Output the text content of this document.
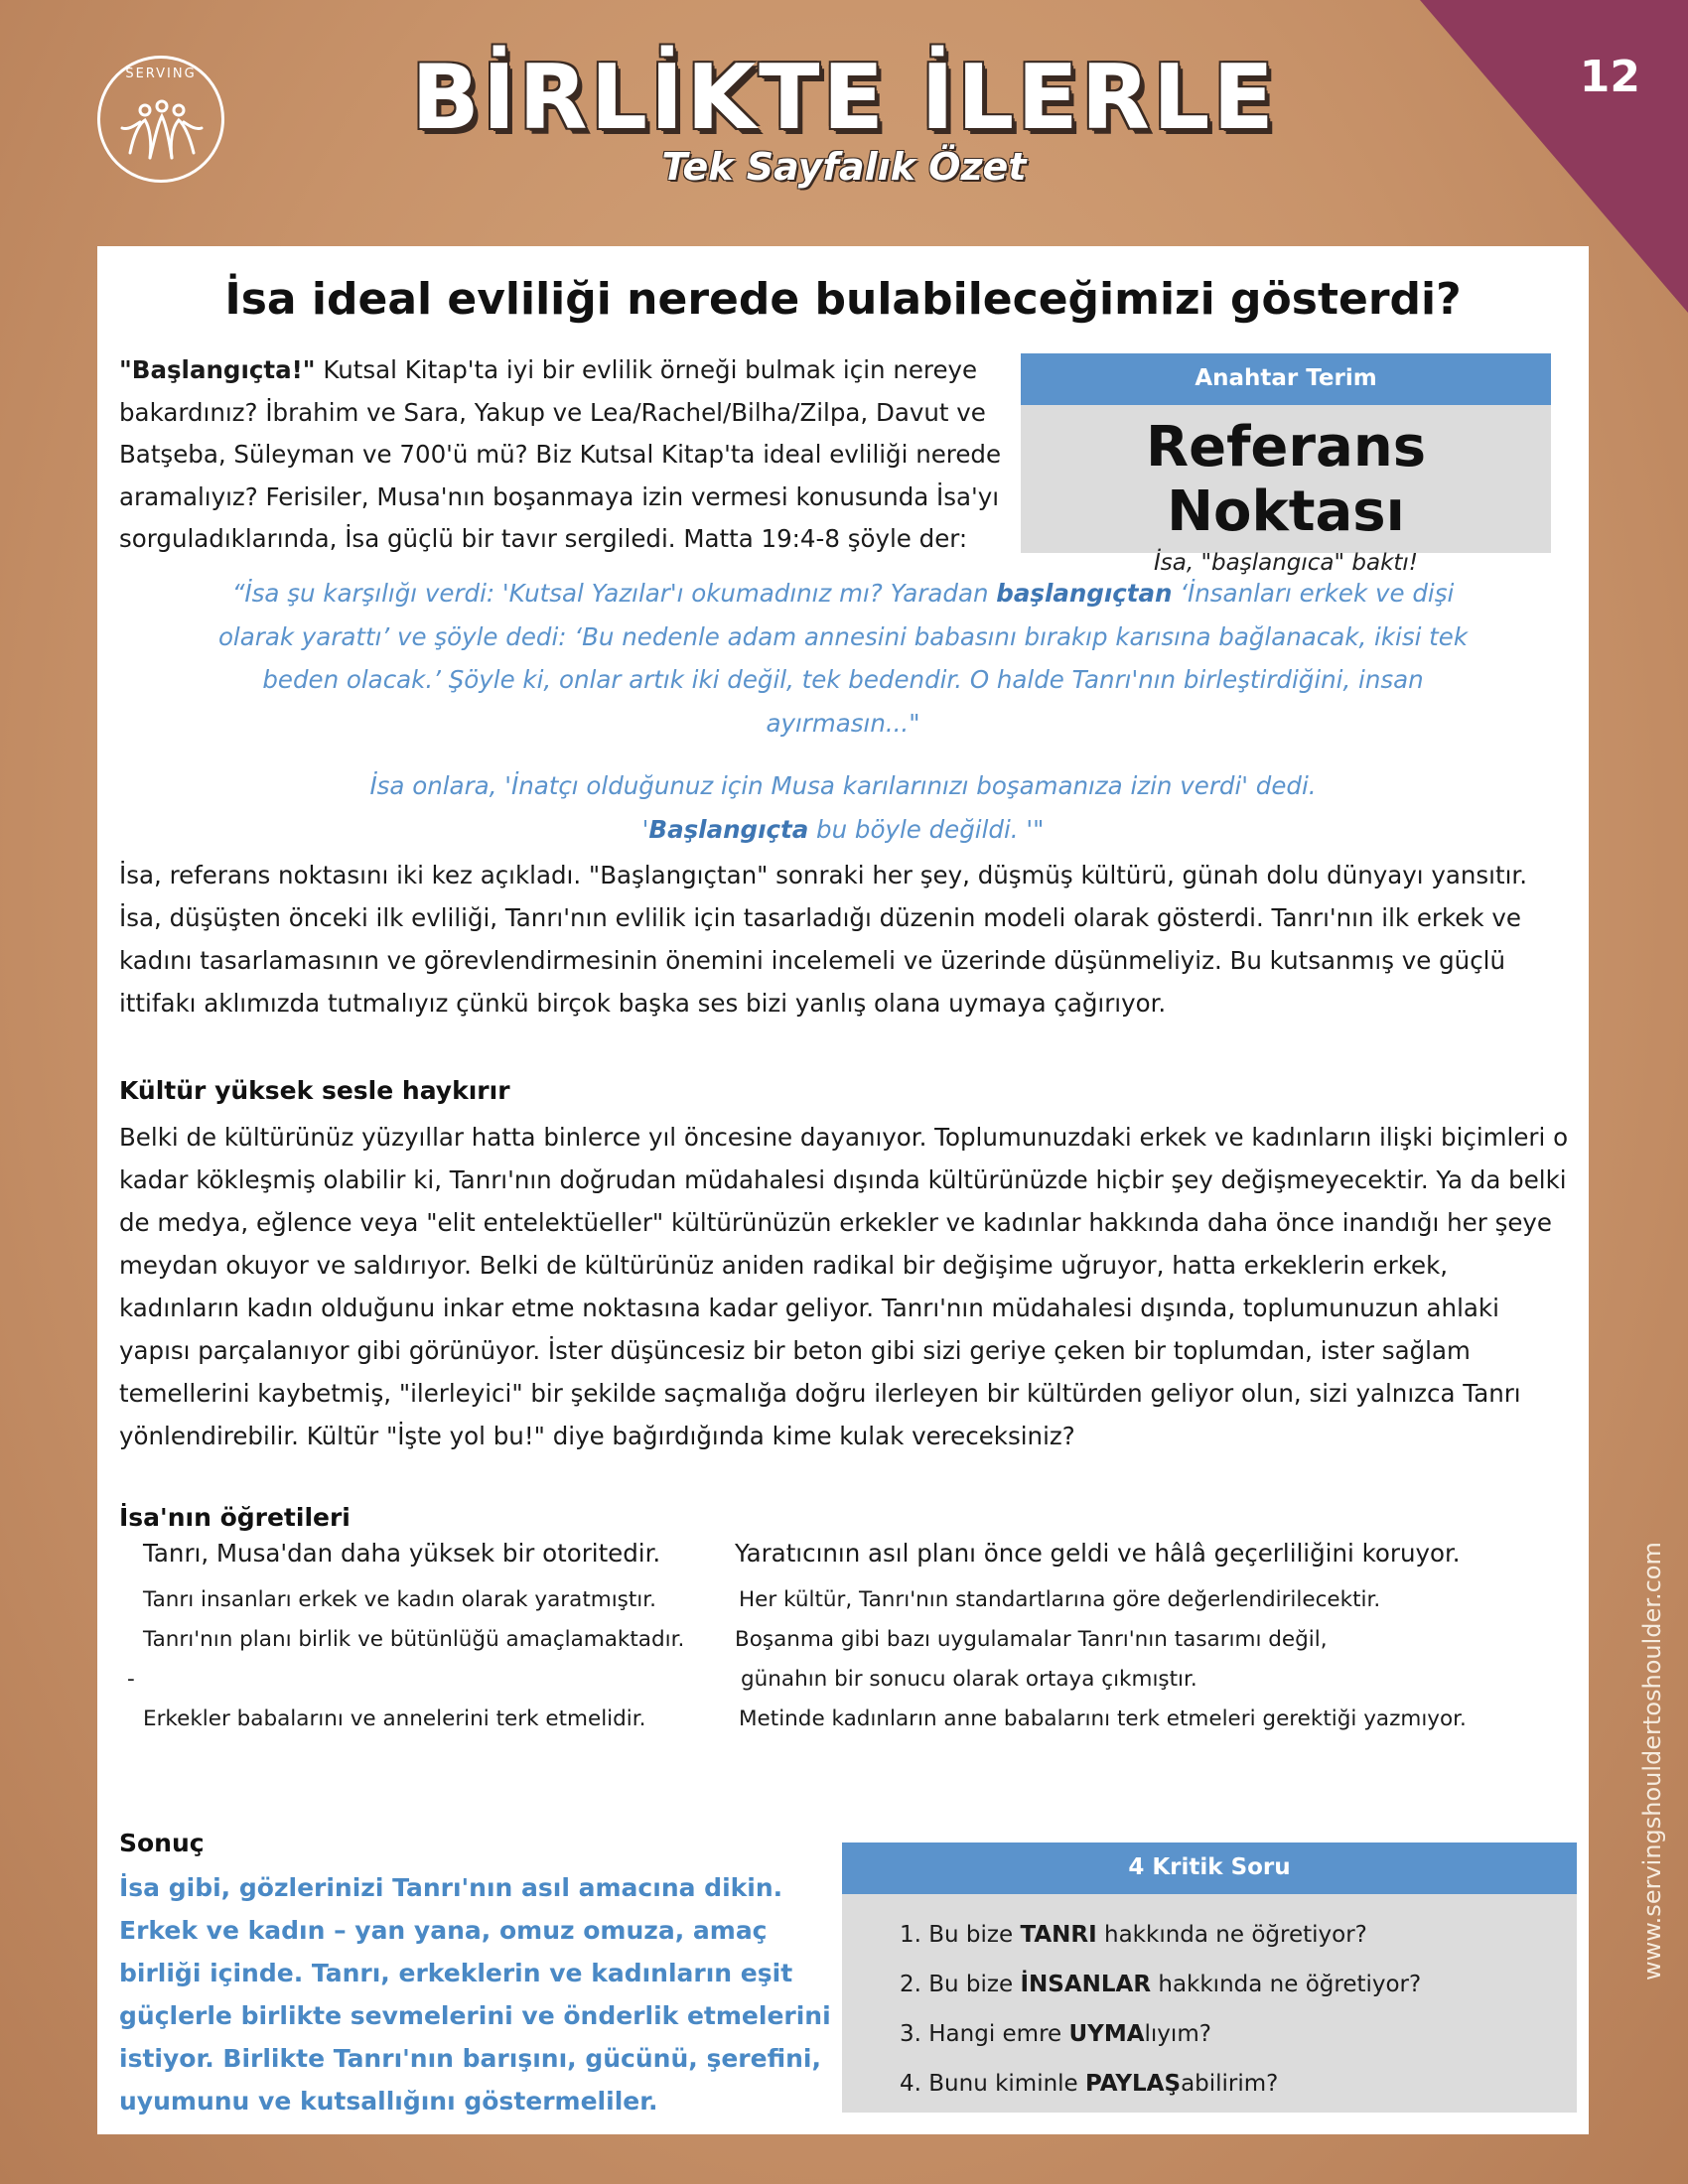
12
SERVING	BİRLİKTE İLERLE
Tek Sayfalık Özet
www.servingshouldertoshoulder.com
İsa ideal evliliği nerede bulabileceğimizi gösterdi?
"Başlangıçta!" Kutsal Kitap'ta iyi bir evlilik örneği bulmak için nereye bakardınız? İbrahim ve Sara, Yakup ve Lea/Rachel/Bilha/Zilpa, Davut ve Batşeba, Süleyman ve 700'ü mü? Biz Kutsal Kitap'ta ideal evliliği nerede aramalıyız? Ferisiler, Musa'nın boşanmaya izin vermesi konusunda İsa'yı sorguladıklarında, İsa güçlü bir tavır sergiledi. Matta 19:4-8 şöyle der:
Anahtar Terim
Referans Noktası
İsa, "başlangıca" baktı!
“İsa şu karşılığı verdi: 'Kutsal Yazılar'ı okumadınız mı? Yaradan başlangıçtan ‘İnsanları erkek ve dişi olarak yarattı’ ve şöyle dedi: ‘Bu nedenle adam annesini babasını bırakıp karısına bağlanacak, ikisi tek beden olacak.’ Şöyle ki, onlar artık iki değil, tek bedendir. O halde Tanrı'nın birleştirdiğini, insan ayırmasın..."
İsa onlara, 'İnatçı olduğunuz için Musa karılarınızı boşamanıza izin verdi' dedi.
'Başlangıçta bu böyle değildi. '"
İsa, referans noktasını iki kez açıkladı. "Başlangıçtan" sonraki her şey, düşmüş kültürü, günah dolu dünyayı yansıtır. İsa, düşüşten önceki ilk evliliği, Tanrı'nın evlilik için tasarladığı düzenin modeli olarak gösterdi. Tanrı'nın ilk erkek ve kadını tasarlamasının ve görevlendirmesinin önemini incelemeli ve üzerinde düşünmeliyiz. Bu kutsanmış ve güçlü ittifakı aklımızda tutmalıyız çünkü birçok başka ses bizi yanlış olana uymaya çağırıyor.
Kültür yüksek sesle haykırır
Belki de kültürünüz yüzyıllar hatta binlerce yıl öncesine dayanıyor. Toplumunuzdaki erkek ve kadınların ilişki biçimleri o kadar kökleşmiş olabilir ki, Tanrı'nın doğrudan müdahalesi dışında kültürünüzde hiçbir şey değişmeyecektir. Ya da belki de medya, eğlence veya "elit entelektüeller" kültürünüzün erkekler ve kadınlar hakkında daha önce inandığı her şeye meydan okuyor ve saldırıyor. Belki de kültürünüz aniden radikal bir değişime uğruyor, hatta erkeklerin erkek, kadınların kadın olduğunu inkar etme noktasına kadar geliyor. Tanrı'nın müdahalesi dışında, toplumunuzun ahlaki yapısı parçalanıyor gibi görünüyor. İster düşüncesiz bir beton gibi sizi geriye çeken bir toplumdan, ister sağlam temellerini kaybetmiş, "ilerleyici" bir şekilde saçmalığa doğru ilerleyen bir kültürden geliyor olun, sizi yalnızca Tanrı yönlendirebilir. Kültür "İşte yol bu!" diye bağırdığında kime kulak vereceksiniz?
İsa'nın öğretileri
Tanrı, Musa'dan daha yüksek bir otoritedir.
Tanrı insanları erkek ve kadın olarak yaratmıştır.
Tanrı'nın planı birlik ve bütünlüğü amaçlamaktadır.
-
Erkekler babalarını ve annelerini terk etmelidir.
Yaratıcının asıl planı önce geldi ve hâlâ geçerliliğini koruyor.
Her kültür, Tanrı'nın standartlarına göre değerlendirilecektir.
Boşanma gibi bazı uygulamalar Tanrı'nın tasarımı değil,
günahın bir sonucu olarak ortaya çıkmıştır.
Metinde kadınların anne babalarını terk etmeleri gerektiği yazmıyor.
Sonuç
İsa gibi, gözlerinizi Tanrı'nın asıl amacına dikin. Erkek ve kadın – yan yana, omuz omuza, amaç birliği içinde. Tanrı, erkeklerin ve kadınların eşit güçlerle birlikte sevmelerini ve önderlik etmelerini istiyor. Birlikte Tanrı'nın barışını, gücünü, şerefini, uyumunu ve kutsallığını göstermeliler.
4 Kritik Soru
1. Bu bize TANRI hakkında ne öğretiyor?
2. Bu bize İNSANLAR hakkında ne öğretiyor?
3. Hangi emre UYMAlıyım?
4. Bunu kiminle PAYLAŞabilirim?
